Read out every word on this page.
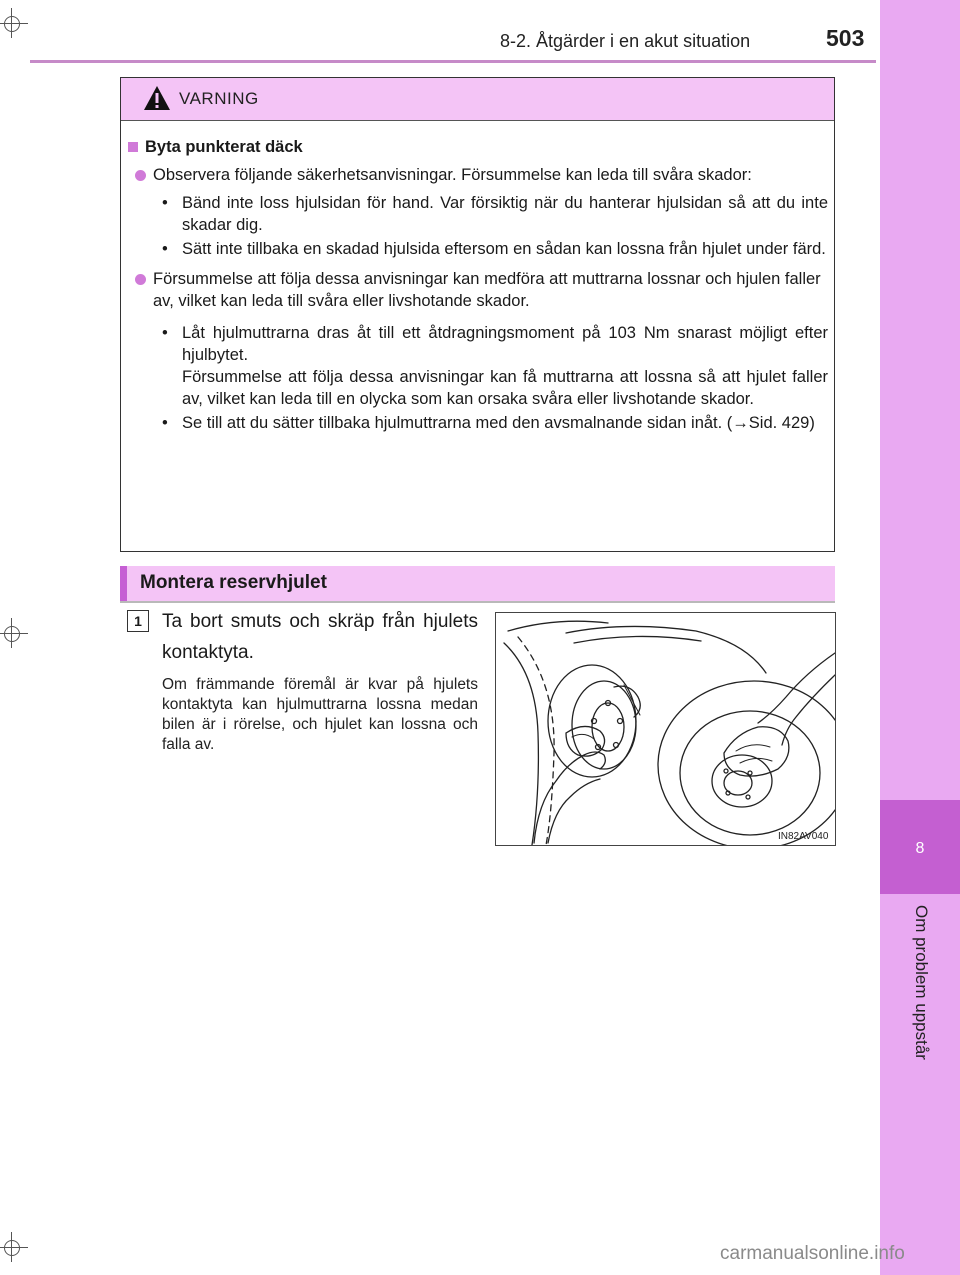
8
Om problem uppstår
8-2. Åtgärder i en akut situation	503
VARNING
Byta punkterat däck
Observera följande säkerhetsanvisningar. Försummelse kan leda till svåra skador:
• Bänd inte loss hjulsidan för hand. Var försiktig när du hanterar hjulsidan så att du inte skadar dig.
• Sätt inte tillbaka en skadad hjulsida eftersom en sådan kan lossna från hjulet under färd.
Försummelse att följa dessa anvisningar kan medföra att muttrarna lossnar och hjulen faller av, vilket kan leda till svåra eller livshotande skador.
• Låt hjulmuttrarna dras åt till ett åtdragningsmoment på 103 Nm snarast möjligt efter hjulbytet.
Försummelse att följa dessa anvisningar kan få muttrarna att lossna så att hjulet faller av, vilket kan leda till en olycka som kan orsaka svåra eller livshotande skador.
• Se till att du sätter tillbaka hjulmuttrarna med den avsmalnande sidan inåt. (→Sid. 429)
Montera reservhjulet
1	Ta bort smuts och skräp från hjulets kontaktyta.
Om främmande föremål är kvar på hjulets kontaktyta kan hjulmuttrarna lossna medan bilen är i rörelse, och hjulet kan lossna och falla av.
IN82AV040
carmanualsonline.info
